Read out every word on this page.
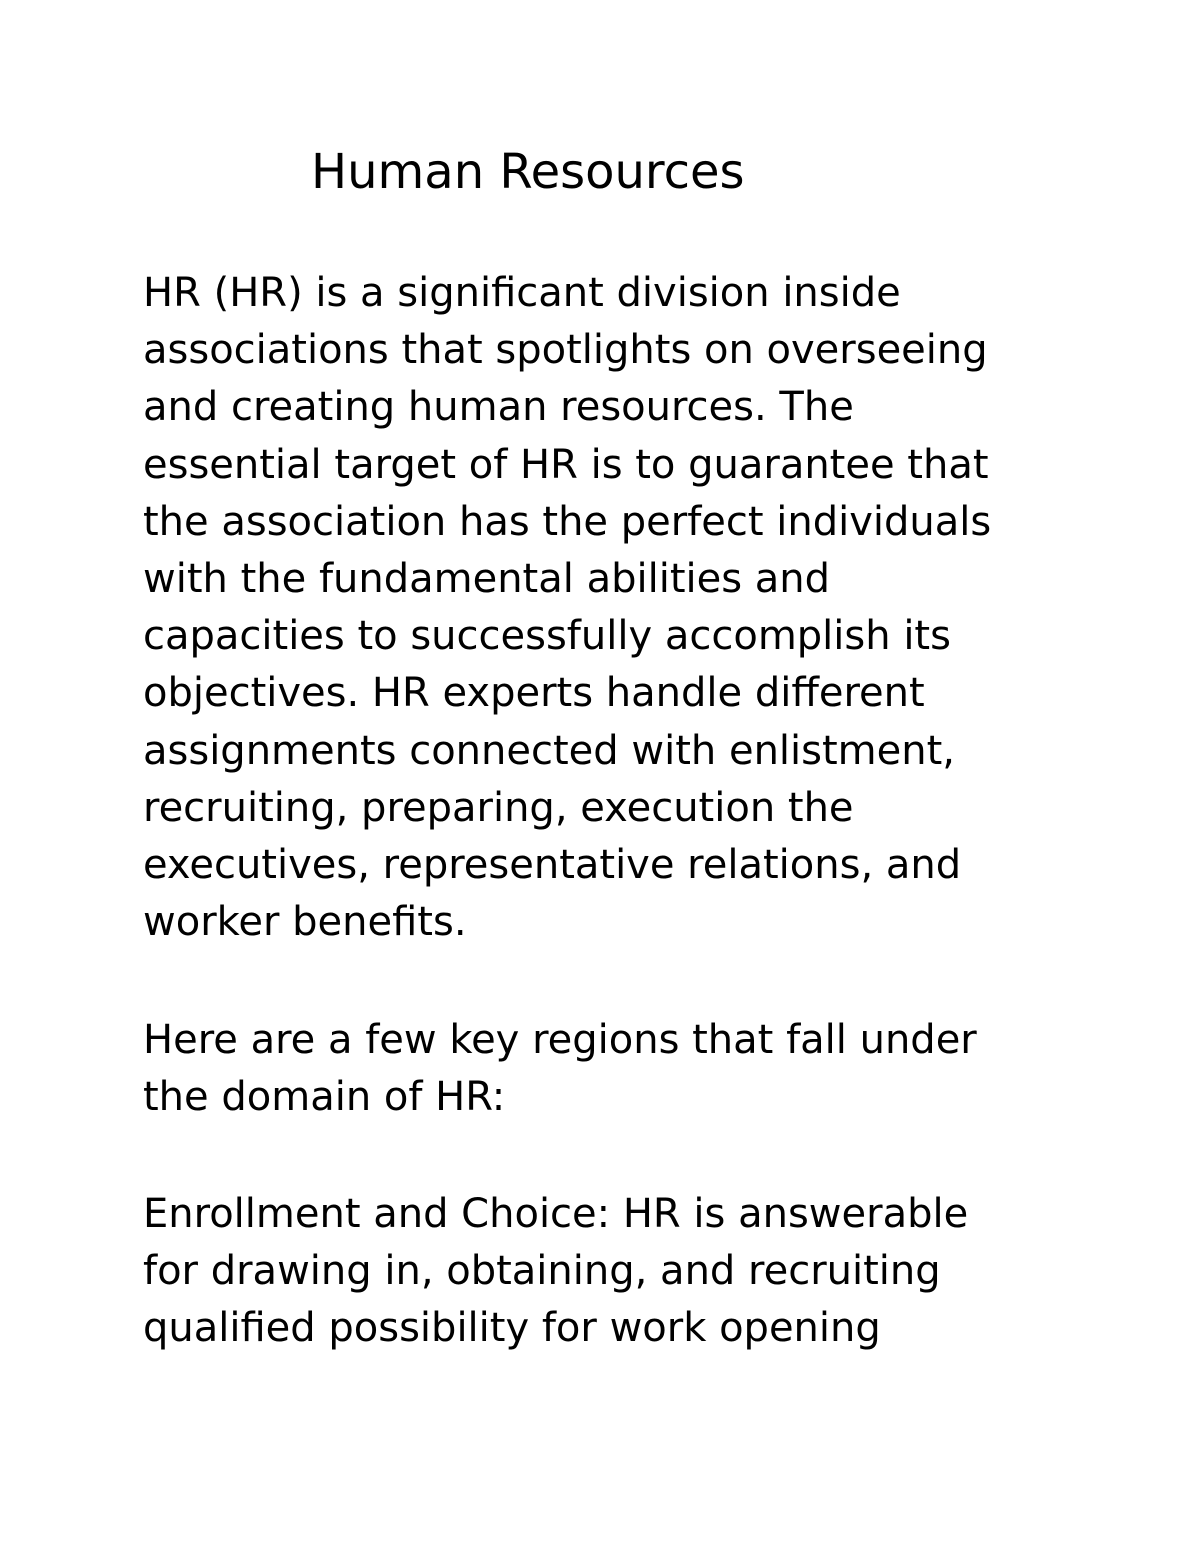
Human Resources

HR (HR) is a significant division inside
associations that spotlights on overseeing
and creating human resources. The
essential target of HR is to guarantee that
the association has the perfect individuals
with the fundamental abilities and
capacities to successfully accomplish its
objectives. HR experts handle different
assignments connected with enlistment,
recruiting, preparing, execution the
executives, representative relations, and
worker benefits.

Here are a few key regions that fall under
the domain of HR:

Enrollment and Choice: HR is answerable
for drawing in, obtaining, and recruiting
qualified possibility for work opening
